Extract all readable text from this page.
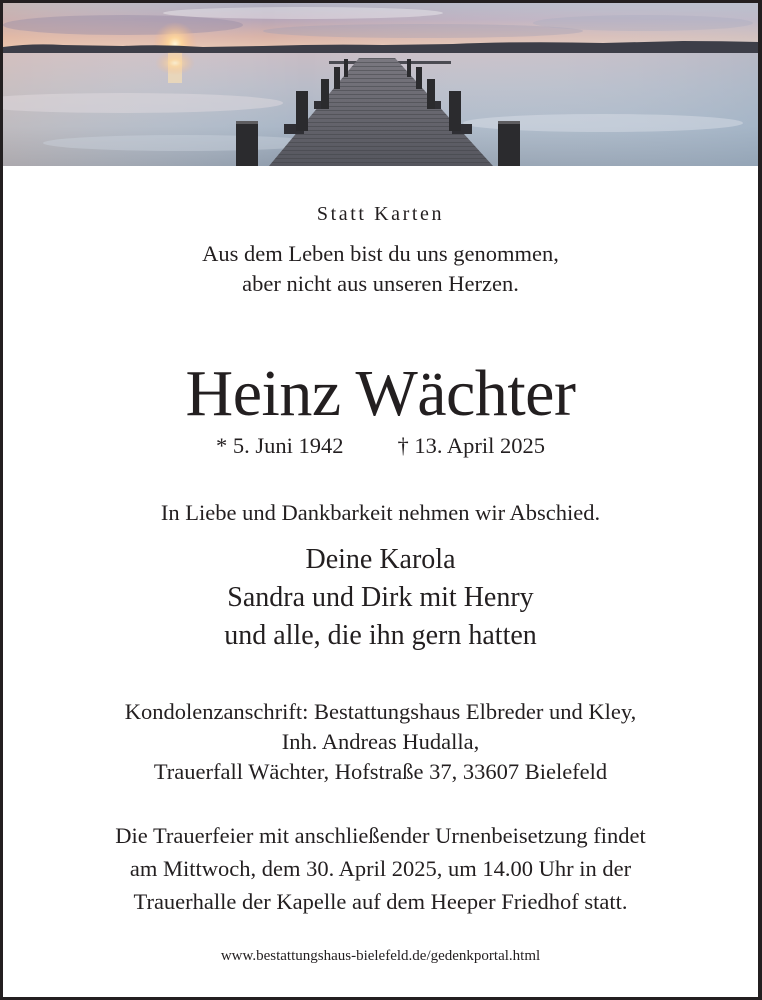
Statt Karten
Aus dem Leben bist du uns genommen,
aber nicht aus unseren Herzen.
Heinz Wächter
* 5. Juni 1942 † 13. April 2025
In Liebe und Dankbarkeit nehmen wir Abschied.
Deine Karola
Sandra und Dirk mit Henry
und alle, die ihn gern hatten
Kondolenzanschrift: Bestattungshaus Elbreder und Kley,
Inh. Andreas Hudalla,
Trauerfall Wächter, Hofstraße 37, 33607 Bielefeld
Die Trauerfeier mit anschließender Urnenbeisetzung findet
am Mittwoch, dem 30. April 2025, um 14.00 Uhr in der
Trauerhalle der Kapelle auf dem Heeper Friedhof statt.
www.bestattungshaus-bielefeld.de/gedenkportal.html
